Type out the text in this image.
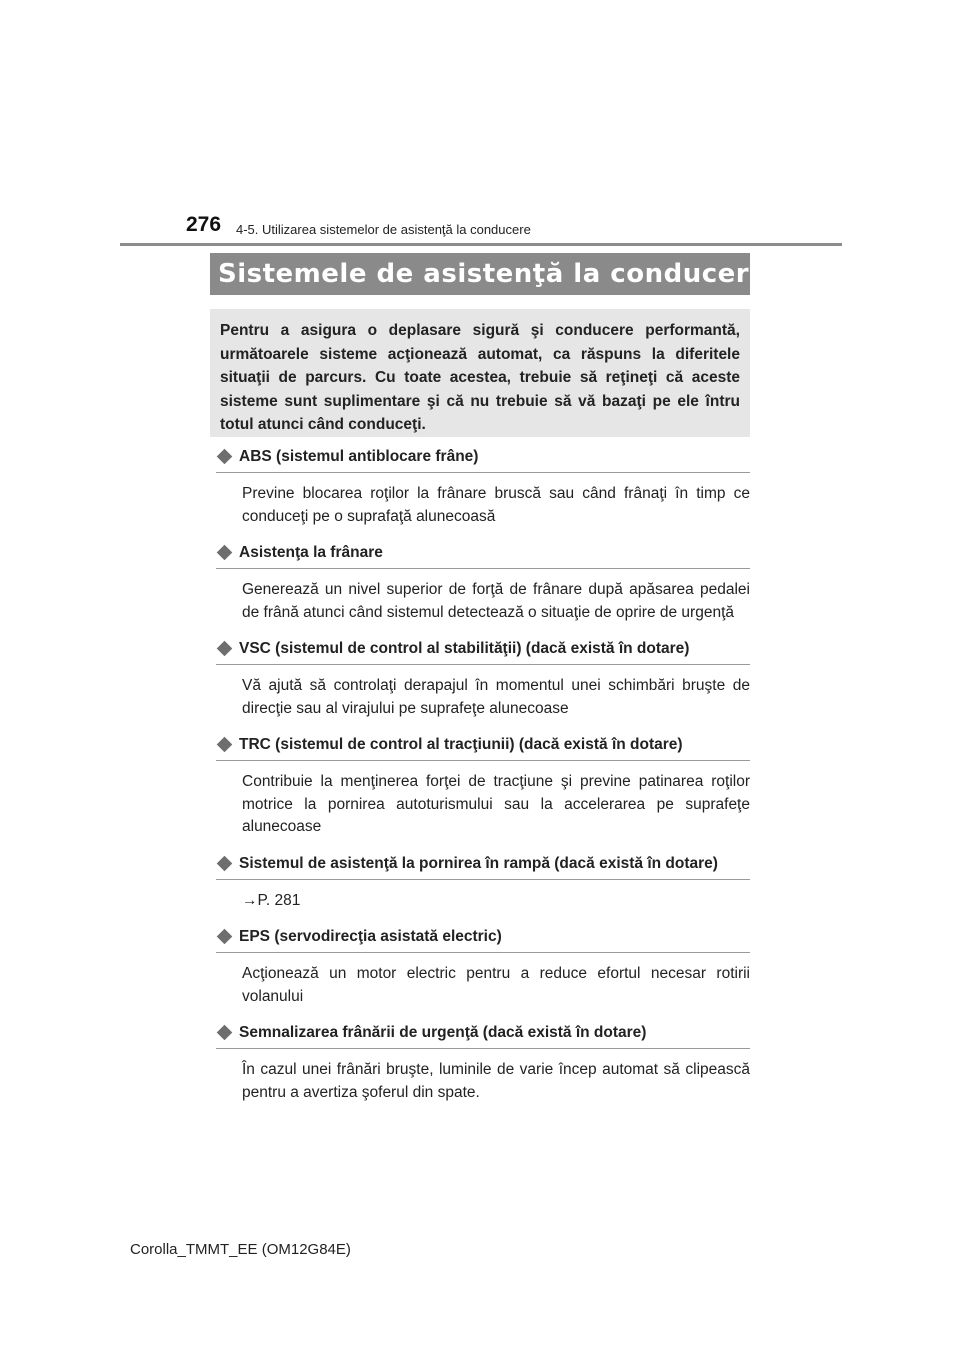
276 4-5. Utilizarea sistemelor de asistenţă la conducere
Sistemele de asistenţă la conducere
Pentru a asigura o deplasare sigură şi conducere performantă, următoarele sisteme acţionează automat, ca răspuns la diferitele situaţii de parcurs. Cu toate acestea, trebuie să reţineţi că aceste sisteme sunt suplimentare şi că nu trebuie să vă bazaţi pe ele întru totul atunci când conduceţi.
ABS (sistemul antiblocare frâne)
Previne blocarea roţilor la frânare bruscă sau când frânaţi în timp ce conduceţi pe o suprafaţă alunecoasă
Asistenţa la frânare
Generează un nivel superior de forţă de frânare după apăsarea pedalei de frână atunci când sistemul detectează o situaţie de oprire de urgenţă
VSC (sistemul de control al stabilităţii) (dacă există în dotare)
Vă ajută să controlaţi derapajul în momentul unei schimbări bruşte de direcţie sau al virajului pe suprafeţe alunecoase
TRC (sistemul de control al tracţiunii) (dacă există în dotare)
Contribuie la menţinerea forţei de tracţiune şi previne patinarea roţilor motrice la pornirea autoturismului sau la accelerarea pe suprafeţe alunecoase
Sistemul de asistenţă la pornirea în rampă (dacă există în dotare)
→P. 281
EPS (servodirecţia asistată electric)
Acţionează un motor electric pentru a reduce efortul necesar rotirii volanului
Semnalizarea frânării de urgenţă (dacă există în dotare)
În cazul unei frânări bruşte, luminile de varie încep automat să clipească pentru a avertiza şoferul din spate.
Corolla_TMMT_EE (OM12G84E)
